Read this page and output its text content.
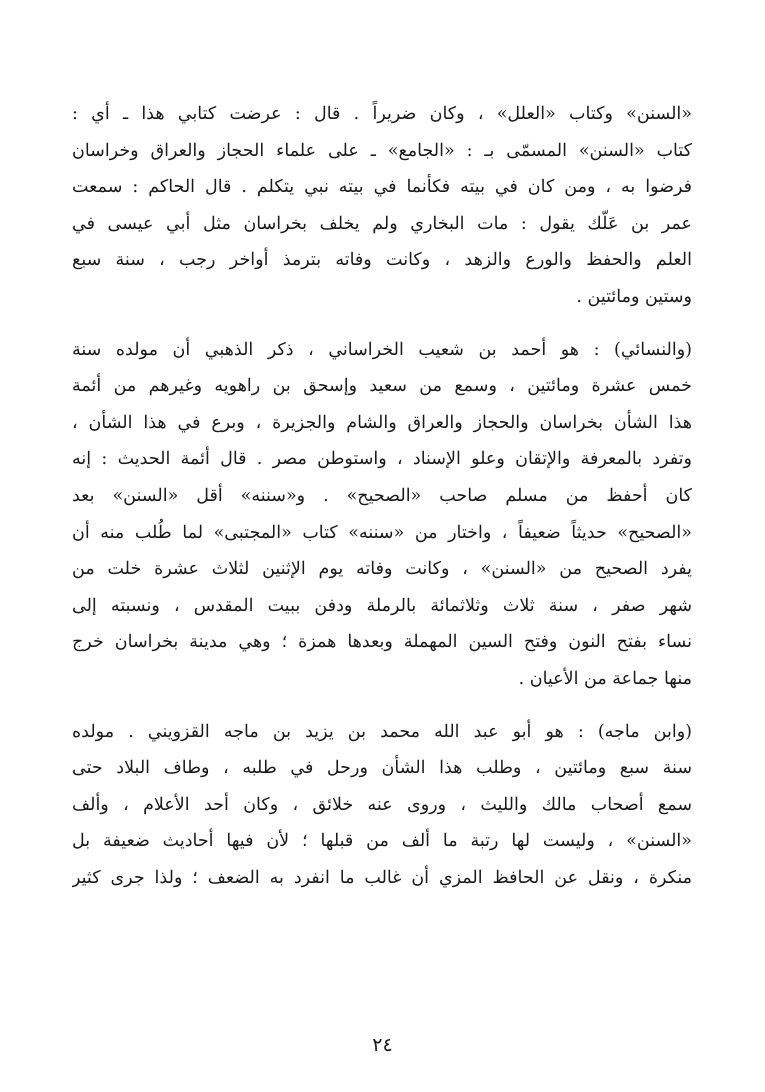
«السنن» وكتاب «العلل» ، وكان ضريراً . قال : عرضت كتابي هذا ـ أي :
كتاب «السنن» المسمّى بـ : «الجامع» ـ على علماء الحجاز والعراق وخراسان
فرضوا به ، ومن كان في بيته فكأنما في بيته نبي يتكلم . قال الحاكم : سمعت
عمر بن عَلّك يقول : مات البخاري ولم يخلف بخراسان مثل أبي عيسى في
العلم والحفظ والورع والزهد ، وكانت وفاته بترمذ أواخر رجب ، سنة سبع
وستين ومائتين .
(والنسائي) : هو أحمد بن شعيب الخراساني ، ذكر الذهبي أن مولده سنة
خمس عشرة ومائتين ، وسمع من سعيد وإسحق بن راهويه وغيرهم من أئمة
هذا الشأن بخراسان والحجاز والعراق والشام والجزيرة ، وبرع في هذا الشأن ،
وتفرد بالمعرفة والإتقان وعلو الإسناد ، واستوطن مصر . قال أئمة الحديث : إنه
كان أحفظ من مسلم صاحب «الصحيح» . و«سننه» أقل «السنن» بعد
«الصحيح» حديثاً ضعيفاً ، واختار من «سننه» كتاب «المجتبى» لما طُلب منه أن
يفرد الصحيح من «السنن» ، وكانت وفاته يوم الإثنين لثلاث عشرة خلت من
شهر صفر ، سنة ثلاث وثلاثمائة بالرملة ودفن ببيت المقدس ، ونسبته إلى
نساء بفتح النون وفتح السين المهملة وبعدها همزة ؛ وهي مدينة بخراسان خرج
منها جماعة من الأعيان .
(وابن ماجه) : هو أبو عبد الله محمد بن يزيد بن ماجه القزويني . مولده
سنة سبع ومائتين ، وطلب هذا الشأن ورحل في طلبه ، وطاف البلاد حتى
سمع أصحاب مالك والليث ، وروى عنه خلائق ، وكان أحد الأعلام ، وألف
«السنن» ، وليست لها رتبة ما ألف من قبلها ؛ لأن فيها أحاديث ضعيفة بل
منكرة ، ونقل عن الحافظ المزي أن غالب ما انفرد به الضعف ؛ ولذا جرى كثير
٢٤
